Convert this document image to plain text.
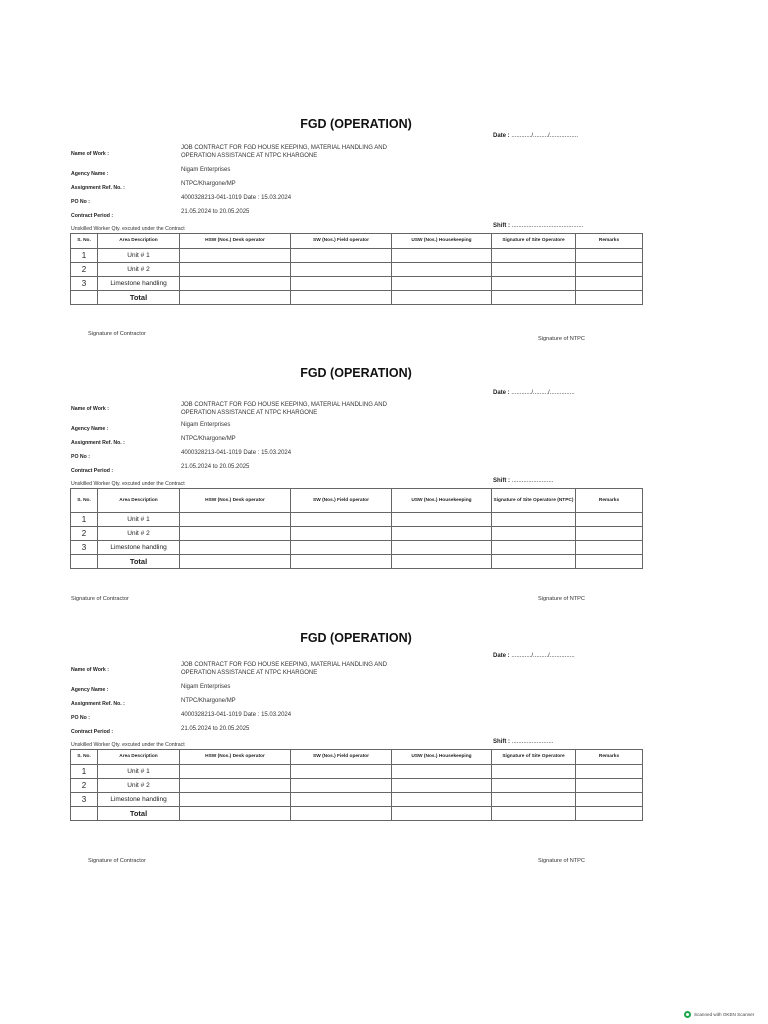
FGD (OPERATION)
Date : ............/........./.................
Name of Work :
JOB CONTRACT FOR FGD HOUSE KEEPING, MATERIAL HANDLING AND
OPERATION ASSISTANCE AT NTPC KHARGONE
Agency Name :
Nigam Enterprises
Assignment Ref. No. :
NTPC/Khargone/MP
PO No :
4000328213-041-1019 Date : 15.03.2024
Contract Period :
21.05.2024 to 20.05.2025
Unskilled Worker Qty. excuted under the Contract	Shift : ...........................................
S. No.	Area Description	HSW (Nos.) Desk operator	SW (Nos.) Field operator	USW (Nos.) Housekeeping	Signature of Site Operatore	Remarks
1	Unit # 1					
2	Unit # 2					
3	Limestone handling					
	Total					
Signature of Contractor
Signature of NTPC
FGD (OPERATION)
Date : ............/........./...............
Name of Work :
JOB CONTRACT FOR FGD HOUSE KEEPING, MATERIAL HANDLING AND
OPERATION ASSISTANCE AT NTPC KHARGONE
Agency Name :
Nigam Enterprises
Assignment Ref. No. :
NTPC/Khargone/MP
PO No :
4000328213-041-1019 Date : 15.03.2024
Contract Period :
21.05.2024 to 20.05.2025
Unskilled Worker Qty. excuted under the Contract	Shift : .........................
S. No.	Area Description	HSW (Nos.) Desk operator	SW (Nos.) Field operator	USW (Nos.) Housekeeping	Signature of Site Operatore (NTPC)	Remarks
1	Unit # 1					
2	Unit # 2					
3	Limestone handling					
	Total					
Signature of Contractor	Signature of NTPC
FGD (OPERATION)
Date : ............/........./...............
Name of Work :
JOB CONTRACT FOR FGD HOUSE KEEPING, MATERIAL HANDLING AND
OPERATION ASSISTANCE AT NTPC KHARGONE
Agency Name :	Nigam Enterprises
Assignment Ref. No. :	NTPC/Khargone/MP
PO No :	4000328213-041-1019 Date : 15.03.2024
Contract Period :	21.05.2024 to 20.05.2025
Unskilled Worker Qty. excuted under the Contract	Shift : .........................
S. No.	Area Description	HSW (Nos.) Desk operator	SW (Nos.) Field operator	USW (Nos.) Housekeeping	Signature of Site Operatore	Remarks
1	Unit # 1					
2	Unit # 2					
3	Limestone handling					
	Total					
Signature of Contractor	Signature of NTPC
Scanned with OKEN Scanner
